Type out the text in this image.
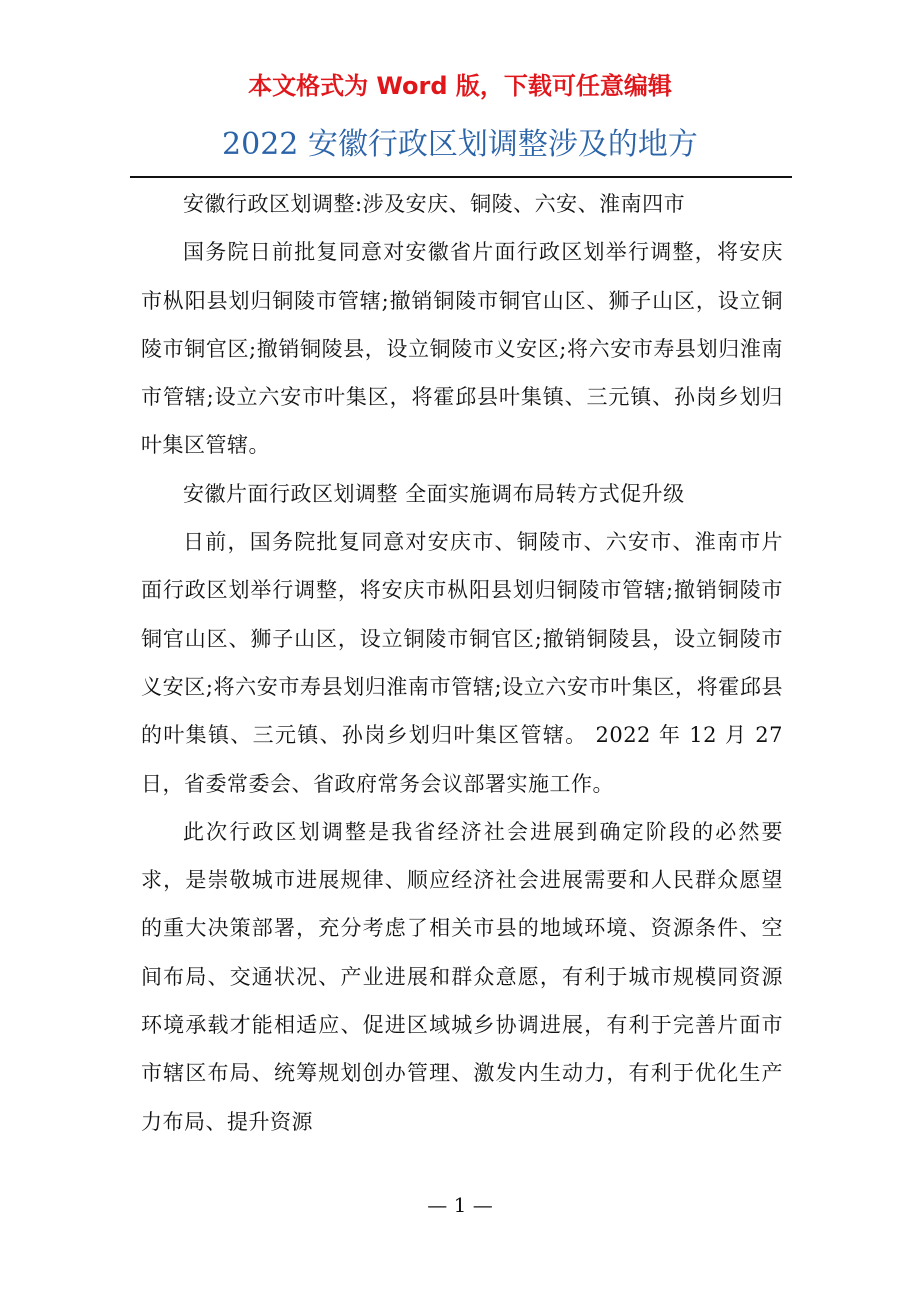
本文格式为 Word 版，下载可任意编辑
2022 安徽行政区划调整涉及的地方

安徽行政区划调整:涉及安庆、铜陵、六安、淮南四市

国务院日前批复同意对安徽省片面行政区划举行调整，将安庆市枞阳县划归铜陵市管辖;撤销铜陵市铜官山区、狮子山区，设立铜陵市铜官区;撤销铜陵县，设立铜陵市义安区;将六安市寿县划归淮南市管辖;设立六安市叶集区，将霍邱县叶集镇、三元镇、孙岗乡划归叶集区管辖。

安徽片面行政区划调整 全面实施调布局转方式促升级

日前，国务院批复同意对安庆市、铜陵市、六安市、淮南市片面行政区划举行调整，将安庆市枞阳县划归铜陵市管辖;撤销铜陵市铜官山区、狮子山区，设立铜陵市铜官区;撤销铜陵县，设立铜陵市义安区;将六安市寿县划归淮南市管辖;设立六安市叶集区，将霍邱县的叶集镇、三元镇、孙岗乡划归叶集区管辖。 2022 年 12 月 27 日，省委常委会、省政府常务会议部署实施工作。

此次行政区划调整是我省经济社会进展到确定阶段的必然要求，是崇敬城市进展规律、顺应经济社会进展需要和人民群众愿望的重大决策部署，充分考虑了相关市县的地域环境、资源条件、空间布局、交通状况、产业进展和群众意愿，有利于城市规模同资源环境承载才能相适应、促进区域城乡协调进展，有利于完善片面市市辖区布局、统筹规划创办管理、激发内生动力，有利于优化生产力布局、提升资源

— 1 —
